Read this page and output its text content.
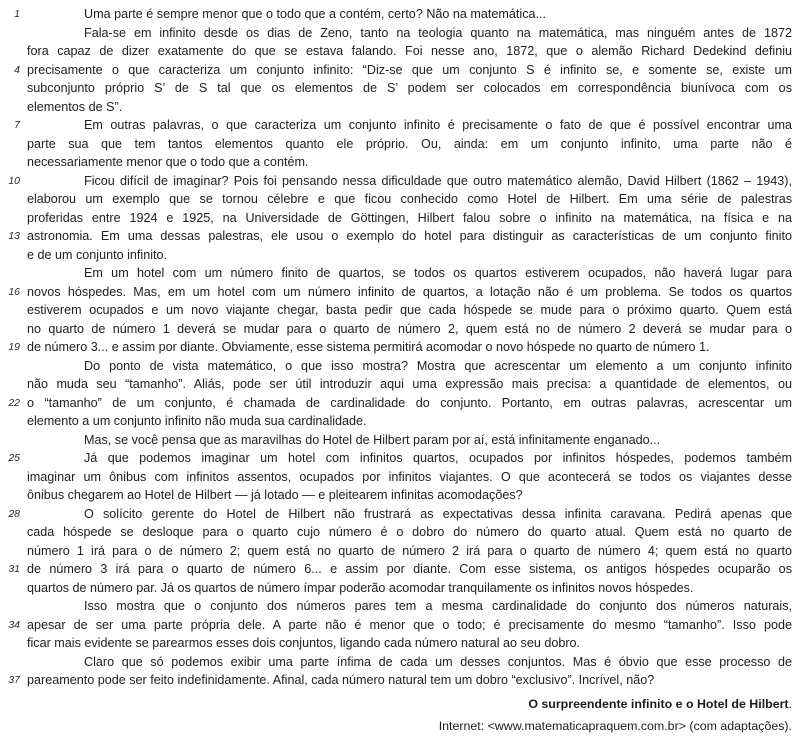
1	Uma parte é sempre menor que o todo que a contém, certo? Não na matemática...
Fala-se em infinito desde os dias de Zeno, tanto na teologia quanto na matemática, mas ninguém antes de 1872
fora capaz de dizer exatamente do que se estava falando. Foi nesse ano, 1872, que o alemão Richard Dedekind definiu
4 precisamente o que caracteriza um conjunto infinito: “Diz-se que um conjunto S é infinito se, e somente se, existe um
subconjunto próprio S’ de S tal que os elementos de S’ podem ser colocados em correspondência biunívoca com os
elementos de S”.
7	Em outras palavras, o que caracteriza um conjunto infinito é precisamente o fato de que é possível encontrar uma
parte sua que tem tantos elementos quanto ele próprio. Ou, ainda: em um conjunto infinito, uma parte não é
necessariamente menor que o todo que a contém.
10	Ficou difícil de imaginar? Pois foi pensando nessa dificuldade que outro matemático alemão, David Hilbert (1862 – 1943),
elaborou um exemplo que se tornou célebre e que ficou conhecido como Hotel de Hilbert. Em uma série de palestras
proferidas entre 1924 e 1925, na Universidade de Göttingen, Hilbert falou sobre o infinito na matemática, na física e na
13 astronomia. Em uma dessas palestras, ele usou o exemplo do hotel para distinguir as características de um conjunto finito
e de um conjunto infinito.
Em um hotel com um número finito de quartos, se todos os quartos estiverem ocupados, não haverá lugar para
16 novos hóspedes. Mas, em um hotel com um número infinito de quartos, a lotação não é um problema. Se todos os quartos
estiverem ocupados e um novo viajante chegar, basta pedir que cada hóspede se mude para o próximo quarto. Quem está
no quarto de número 1 deverá se mudar para o quarto de número 2, quem está no de número 2 deverá se mudar para o
19 de número 3... e assim por diante. Obviamente, esse sistema permitirá acomodar o novo hóspede no quarto de número 1.
Do ponto de vista matemático, o que isso mostra? Mostra que acrescentar um elemento a um conjunto infinito
não muda seu “tamanho”. Aliás, pode ser útil introduzir aqui uma expressão mais precisa: a quantidade de elementos, ou
22 o “tamanho” de um conjunto, é chamada de cardinalidade do conjunto. Portanto, em outras palavras, acrescentar um
elemento a um conjunto infinito não muda sua cardinalidade.
Mas, se você pensa que as maravilhas do Hotel de Hilbert param por aí, está infinitamente enganado...
25	Já que podemos imaginar um hotel com infinitos quartos, ocupados por infinitos hóspedes, podemos também
imaginar um ônibus com infinitos assentos, ocupados por infinitos viajantes. O que acontecerá se todos os viajantes desse
ônibus chegarem ao Hotel de Hilbert — já lotado — e pleitearem infinitas acomodações?
28	O solícito gerente do Hotel de Hilbert não frustrará as expectativas dessa infinita caravana. Pedirá apenas que
cada hóspede se desloque para o quarto cujo número é o dobro do número do quarto atual. Quem está no quarto de
número 1 irá para o de número 2; quem está no quarto de número 2 irá para o quarto de número 4; quem está no quarto
31 de número 3 irá para o quarto de número 6... e assim por diante. Com esse sistema, os antigos hóspedes ocuparão os
quartos de número par. Já os quartos de número ímpar poderão acomodar tranquilamente os infinitos novos hóspedes.
Isso mostra que o conjunto dos números pares tem a mesma cardinalidade do conjunto dos números naturais,
34 apesar de ser uma parte própria dele. A parte não é menor que o todo; é precisamente do mesmo “tamanho”. Isso pode
ficar mais evidente se parearmos esses dois conjuntos, ligando cada número natural ao seu dobro.
Claro que só podemos exibir uma parte ínfima de cada um desses conjuntos. Mas é óbvio que esse processo de
37 pareamento pode ser feito indefinidamente. Afinal, cada número natural tem um dobro “exclusivo”. Incrível, não?
O surpreendente infinito e o Hotel de Hilbert.
Internet: <www.matematicapraquem.com.br> (com adaptações).
